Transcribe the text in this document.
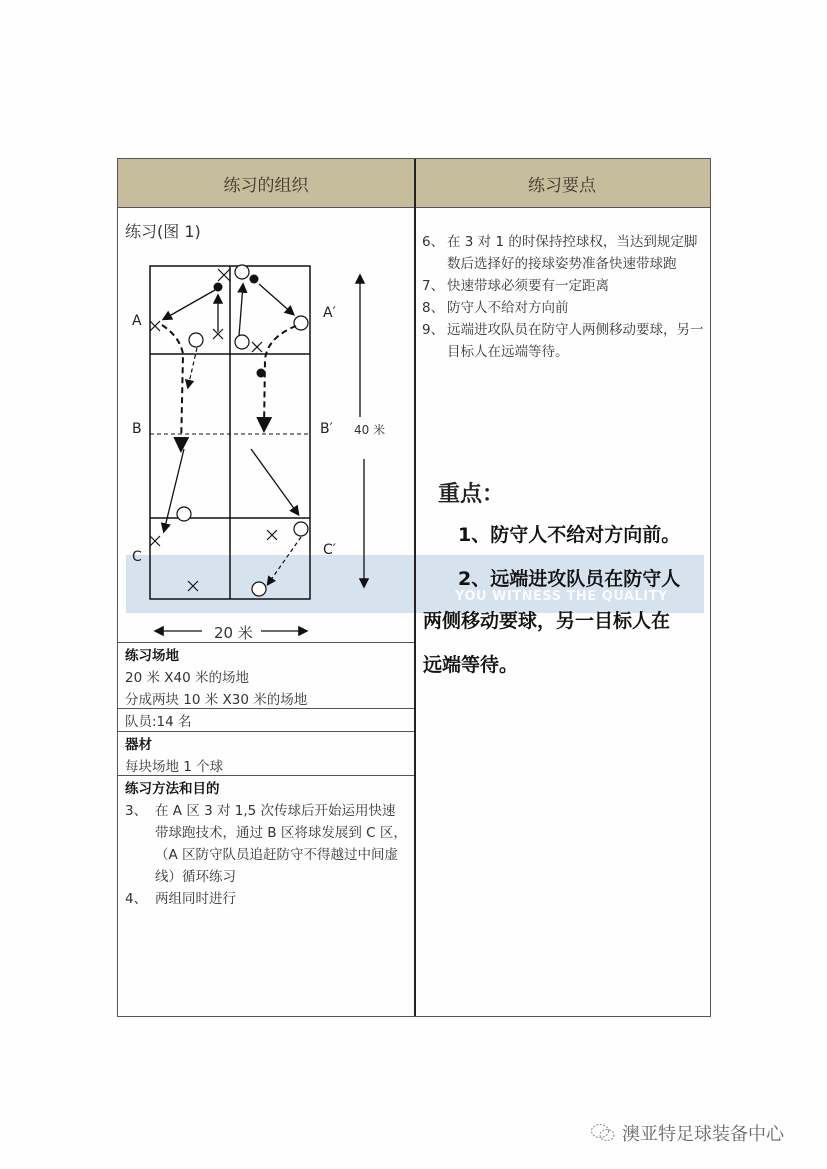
练习的组织	练习要点
练习(图 1)
A
B
C
A′
B′
C′
40 米
20 米
练习场地
20 米 X40 米的场地
分成两块 10 米 X30 米的场地
队员:14 名
器材
每块场地 1 个球
练习方法和目的
3、 在 A 区 3 对 1,5 次传球后开始运用快速带球跑技术，通过 B 区将球发展到 C 区，（A 区防守队员追赶防守不得越过中间虚线）循环练习
4、 两组同时进行
6、 在 3 对 1 的时保持控球权，当达到规定脚数后选择好的接球姿势准备快速带球跑
7、 快速带球必须要有一定距离
8、 防守人不给对方向前
9、 远端进攻队员在防守人两侧移动要球，另一目标人在远端等待。
重点：
1、防守人不给对方向前。
2、远端进攻队员在防守人
两侧移动要球，另一目标人在
远端等待。
YOU WITNESS THE QUALITY
澳亚特足球装备中心
